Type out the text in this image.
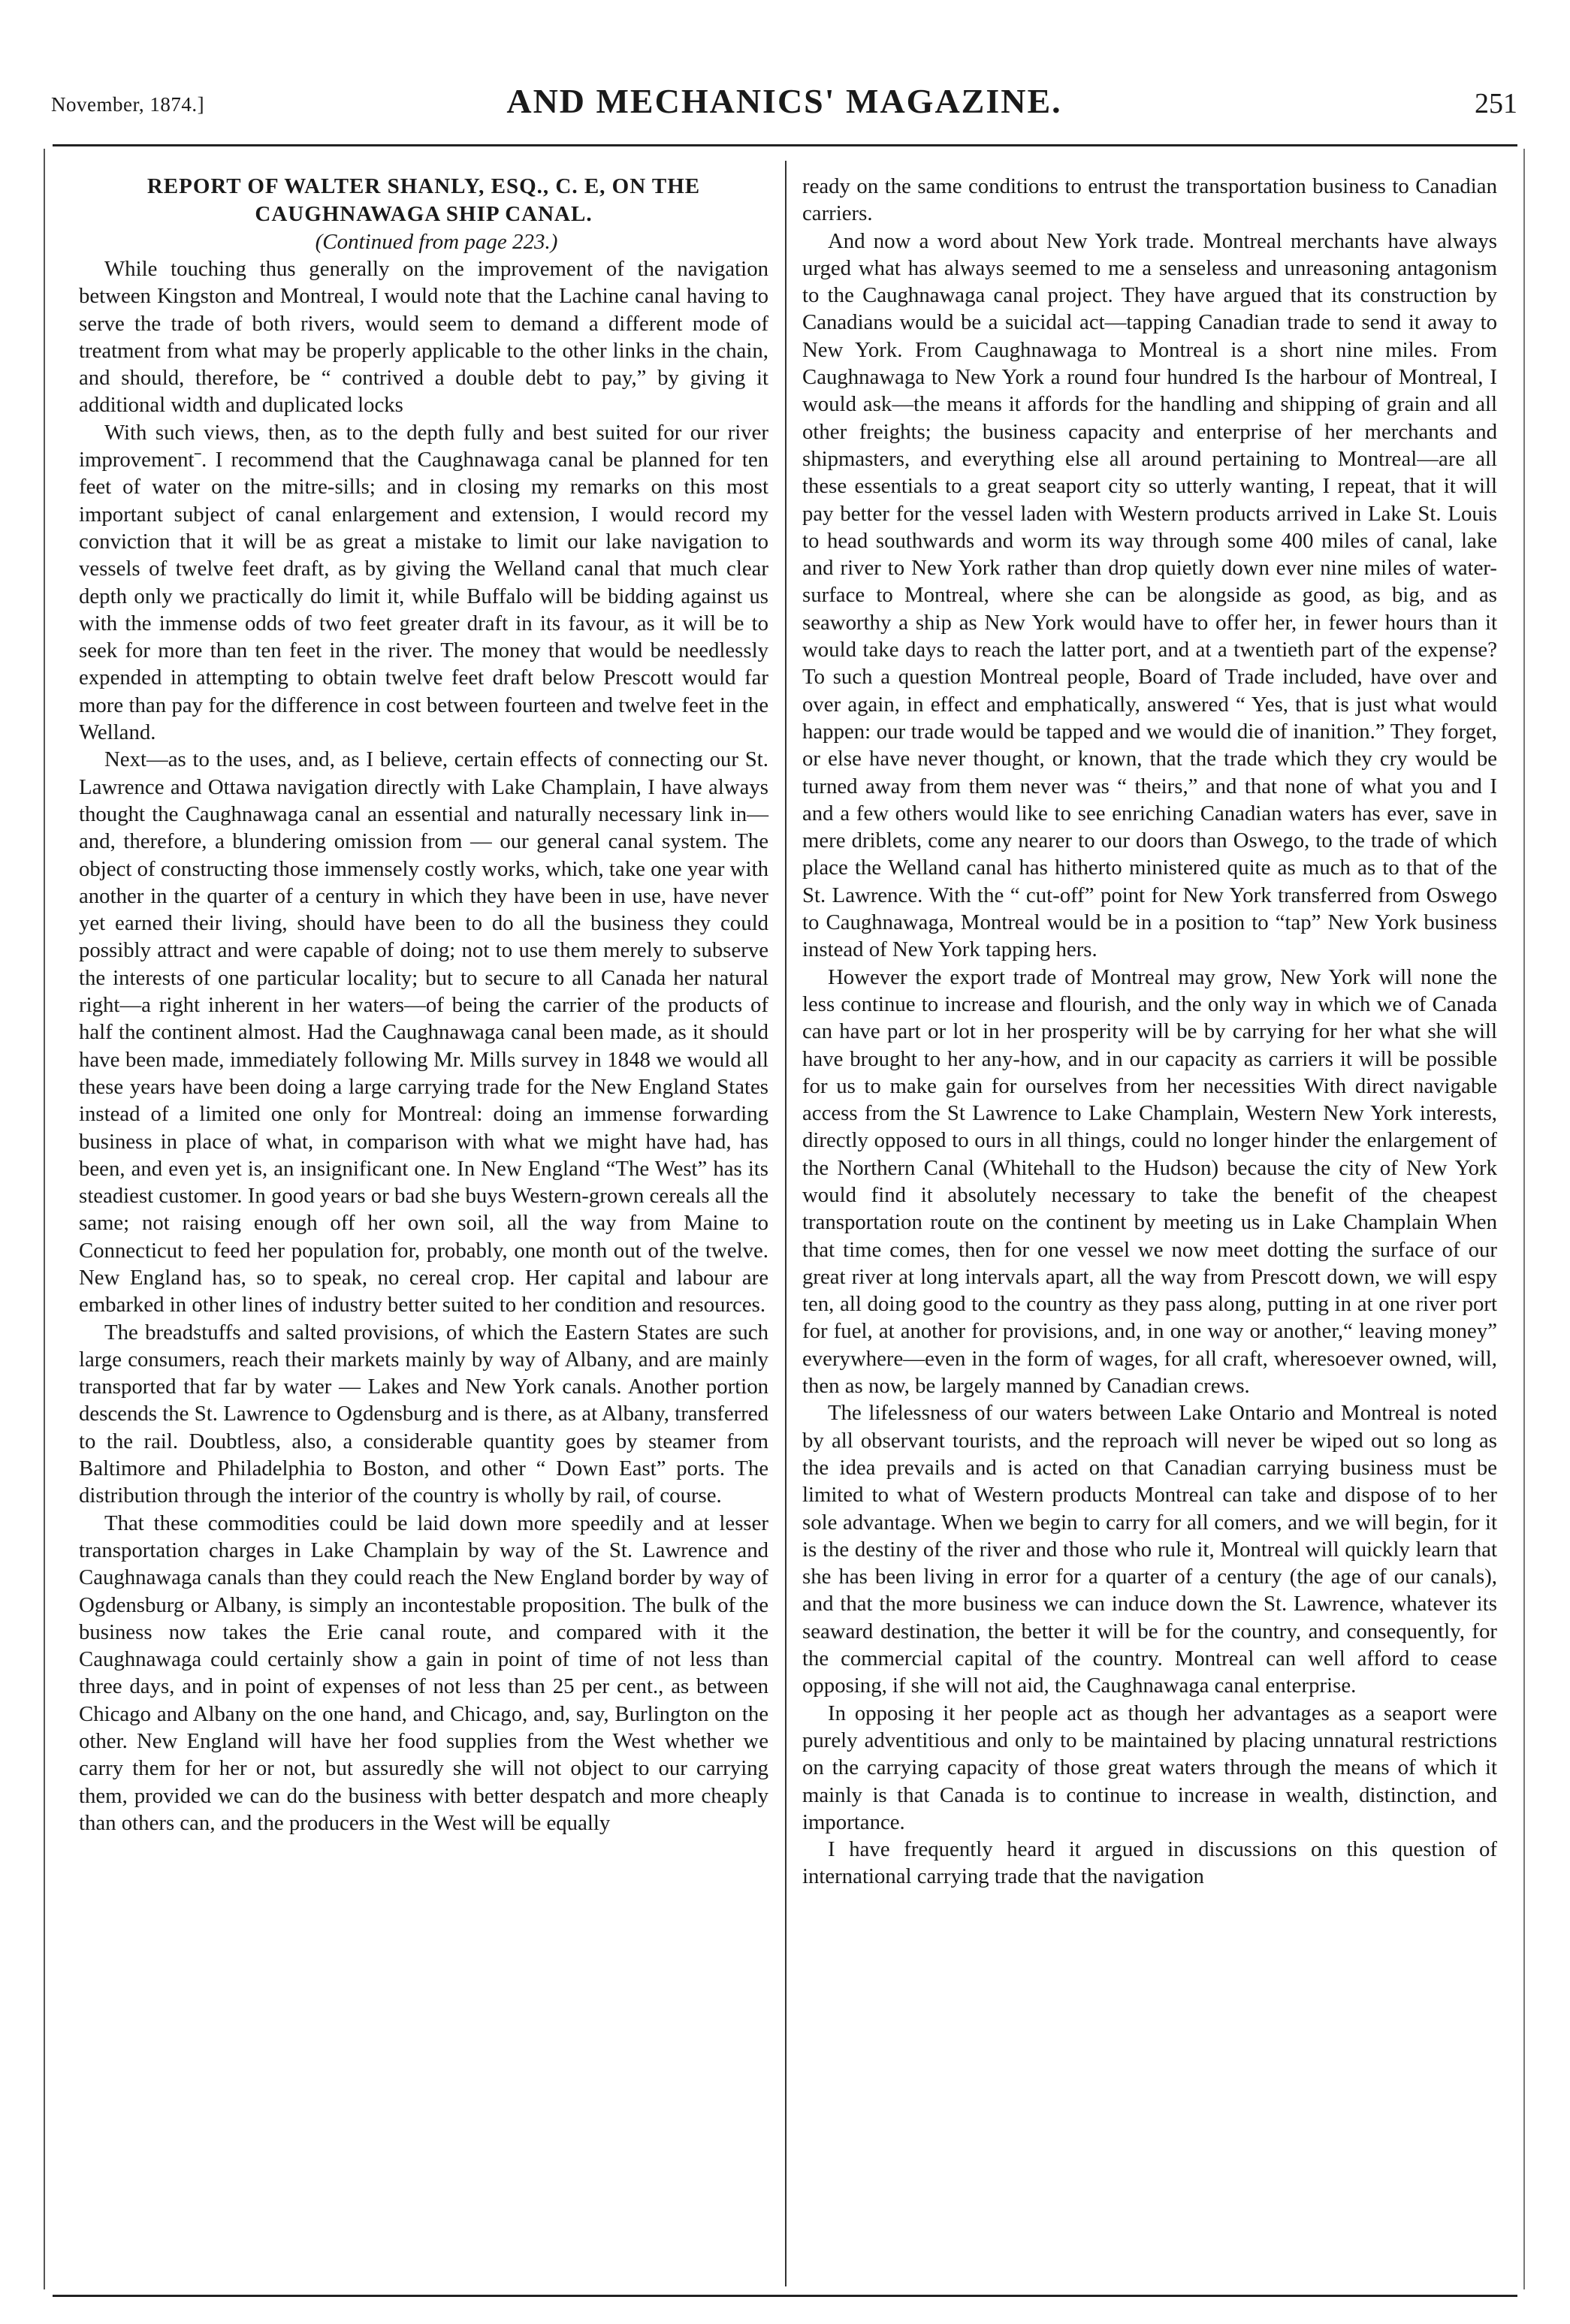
November, 1874.]	AND MECHANICS' MAGAZINE.	251
REPORT OF WALTER SHANLY, ESQ., C. E, ON THE
CAUGHNAWAGA SHIP CANAL.

(Continued from page 223.)

While touching thus generally on the improvement of the navigation between Kingston and Montreal, I would note that the Lachine canal having to serve the trade of both rivers, would seem to demand a different mode of treatment from what may be properly applicable to the other links in the chain, and should, therefore, be “ contrived a double debt to pay,” by giving it additional width and duplicated locks

With such views, then, as to the depth fully and best suited for our river improvementˉ. I recommend that the Caughnawaga canal be planned for ten feet of water on the mitre-sills; and in closing my remarks on this most important subject of canal enlargement and extension, I would record my conviction that it will be as great a mistake to limit our lake navigation to vessels of twelve feet draft, as by giving the Welland canal that much clear depth only we practically do limit it, while Buffalo will be bidding against us with the immense odds of two feet greater draft in its favour, as it will be to seek for more than ten feet in the river. The money that would be needlessly expended in attempting to obtain twelve feet draft below Prescott would far more than pay for the difference in cost between fourteen and twelve feet in the Welland.

Next—as to the uses, and, as I believe, certain effects of connecting our St. Lawrence and Ottawa navigation directly with Lake Champlain, I have always thought the Caughnawaga canal an essential and naturally necessary link in—and, therefore, a blundering omission from — our general canal system. The object of constructing those immensely costly works, which, take one year with another in the quarter of a century in which they have been in use, have never yet earned their living, should have been to do all the business they could possibly attract and were capable of doing; not to use them merely to subserve the interests of one particular locality; but to secure to all Canada her natural right—a right inherent in her waters—of being the carrier of the products of half the continent almost. Had the Caughnawaga canal been made, as it should have been made, immediately following Mr. Mills survey in 1848 we would all these years have been doing a large carrying trade for the New England States instead of a limited one only for Montreal: doing an immense forwarding business in place of what, in comparison with what we might have had, has been, and even yet is, an insignificant one. In New England “The West” has its steadiest customer. In good years or bad she buys Western-grown cereals all the same; not raising enough off her own soil, all the way from Maine to Connecticut to feed her population for, probably, one month out of the twelve. New England has, so to speak, no cereal crop. Her capital and labour are embarked in other lines of industry better suited to her condition and resources.

The breadstuffs and salted provisions, of which the Eastern States are such large consumers, reach their markets mainly by way of Albany, and are mainly transported that far by water — Lakes and New York canals. Another portion descends the St. Lawrence to Ogdensburg and is there, as at Albany, transferred to the rail. Doubtless, also, a considerable quantity goes by steamer from Baltimore and Philadelphia to Boston, and other “ Down East” ports. The distribution through the interior of the country is wholly by rail, of course.

That these commodities could be laid down more speedily and at lesser transportation charges in Lake Champlain by way of the St. Lawrence and Caughnawaga canals than they could reach the New England border by way of Ogdensburg or Albany, is simply an incontestable proposition. The bulk of the business now takes the Erie canal route, and compared with it the Caughnawaga could certainly show a gain in point of time of not less than three days, and in point of expenses of not less than 25 per cent., as between Chicago and Albany on the one hand, and Chicago, and, say, Burlington on the other. New England will have her food supplies from the West whether we carry them for her or not, but assuredly she will not object to our carrying them, provided we can do the business with better despatch and more cheaply than others can, and the producers in the West will be equally

ready on the same conditions to entrust the transportation business to Canadian carriers.

And now a word about New York trade. Montreal merchants have always urged what has always seemed to me a senseless and unreasoning antagonism to the Caughnawaga canal project. They have argued that its construction by Canadians would be a suicidal act—tapping Canadian trade to send it away to New York. From Caughnawaga to Montreal is a short nine miles. From Caughnawaga to New York a round four hundred Is the harbour of Montreal, I would ask—the means it affords for the handling and shipping of grain and all other freights; the business capacity and enterprise of her merchants and shipmasters, and everything else all around pertaining to Montreal—are all these essentials to a great seaport city so utterly wanting, I repeat, that it will pay better for the vessel laden with Western products arrived in Lake St. Louis to head southwards and worm its way through some 400 miles of canal, lake and river to New York rather than drop quietly down ever nine miles of water-surface to Montreal, where she can be alongside as good, as big, and as seaworthy a ship as New York would have to offer her, in fewer hours than it would take days to reach the latter port, and at a twentieth part of the expense? To such a question Montreal people, Board of Trade included, have over and over again, in effect and emphatically, answered “ Yes, that is just what would happen: our trade would be tapped and we would die of inanition.” They forget, or else have never thought, or known, that the trade which they cry would be turned away from them never was “ theirs,” and that none of what you and I and a few others would like to see enriching Canadian waters has ever, save in mere driblets, come any nearer to our doors than Oswego, to the trade of which place the Welland canal has hitherto ministered quite as much as to that of the St. Lawrence. With the “ cut-off” point for New York transferred from Oswego to Caughnawaga, Montreal would be in a position to “tap” New York business instead of New York tapping hers.

However the export trade of Montreal may grow, New York will none the less continue to increase and flourish, and the only way in which we of Canada can have part or lot in her prosperity will be by carrying for her what she will have brought to her any-how, and in our capacity as carriers it will be possible for us to make gain for ourselves from her necessities With direct navigable access from the St Lawrence to Lake Champlain, Western New York interests, directly opposed to ours in all things, could no longer hinder the enlargement of the Northern Canal (Whitehall to the Hudson) because the city of New York would find it absolutely necessary to take the benefit of the cheapest transportation route on the continent by meeting us in Lake Champlain When that time comes, then for one vessel we now meet dotting the surface of our great river at long intervals apart, all the way from Prescott down, we will espy ten, all doing good to the country as they pass along, putting in at one river port for fuel, at another for provisions, and, in one way or another,“ leaving money” everywhere—even in the form of wages, for all craft, wheresoever owned, will, then as now, be largely manned by Canadian crews.

The lifelessness of our waters between Lake Ontario and Montreal is noted by all observant tourists, and the reproach will never be wiped out so long as the idea prevails and is acted on that Canadian carrying business must be limited to what of Western products Montreal can take and dispose of to her sole advantage. When we begin to carry for all comers, and we will begin, for it is the destiny of the river and those who rule it, Montreal will quickly learn that she has been living in error for a quarter of a century (the age of our canals), and that the more business we can induce down the St. Lawrence, whatever its seaward destination, the better it will be for the country, and consequently, for the commercial capital of the country. Montreal can well afford to cease opposing, if she will not aid, the Caughnawaga canal enterprise.

In opposing it her people act as though her advantages as a seaport were purely adventitious and only to be maintained by placing unnatural restrictions on the carrying capacity of those great waters through the means of which it mainly is that Canada is to continue to increase in wealth, distinction, and importance.

I have frequently heard it argued in discussions on this question of international carrying trade that the navigation
